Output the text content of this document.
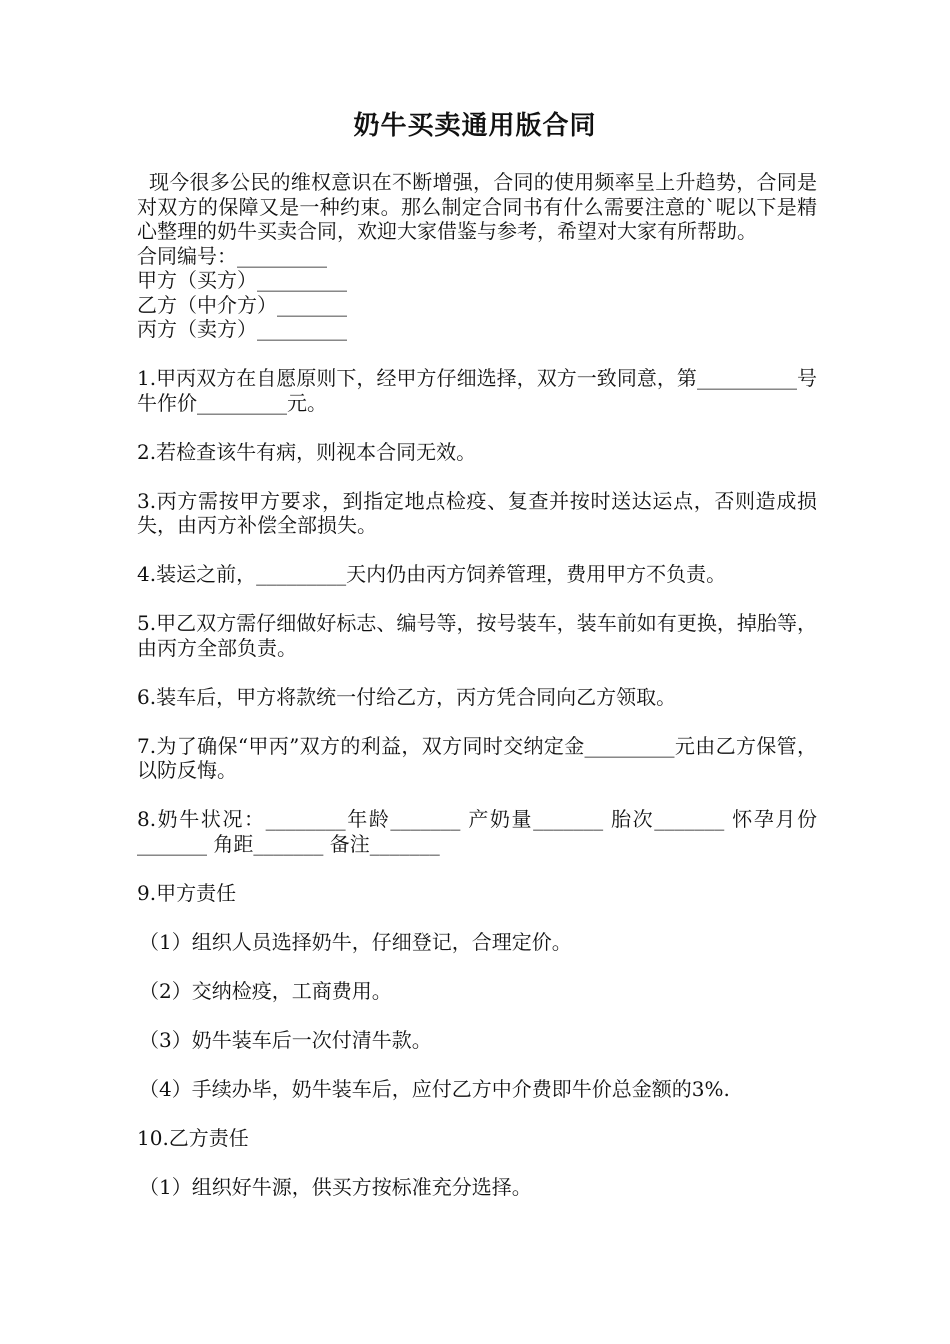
奶牛买卖通用版合同

现今很多公民的维权意识在不断增强，合同的使用频率呈上升趋势，合同是对双方的保障又是一种约束。那么制定合同书有什么需要注意的`呢以下是精心整理的奶牛买卖合同，欢迎大家借鉴与参考，希望对大家有所帮助。

合同编号：_________

甲方（买方）_________

乙方（中介方）_______

丙方（卖方）_________

1.甲丙双方在自愿原则下，经甲方仔细选择，双方一致同意，第__________号牛作价_________元。

2.若检查该牛有病，则视本合同无效。

3.丙方需按甲方要求，到指定地点检疫、复查并按时送达运点，否则造成损失，由丙方补偿全部损失。

4.装运之前，_________天内仍由丙方饲养管理，费用甲方不负责。

5.甲乙双方需仔细做好标志、编号等，按号装车，装车前如有更换，掉胎等，由丙方全部负责。

6.装车后，甲方将款统一付给乙方，丙方凭合同向乙方领取。

7.为了确保“甲丙”双方的利益，双方同时交纳定金_________元由乙方保管，以防反悔。

8.奶牛状况：________年龄_______ 产奶量_______ 胎次_______ 怀孕月份_______ 角距_______ 备注_______

9.甲方责任

（1）组织人员选择奶牛，仔细登记，合理定价。

（2）交纳检疫，工商费用。

（3）奶牛装车后一次付清牛款。

（4）手续办毕，奶牛装车后，应付乙方中介费即牛价总金额的3%.

10.乙方责任

（1）组织好牛源，供买方按标准充分选择。
